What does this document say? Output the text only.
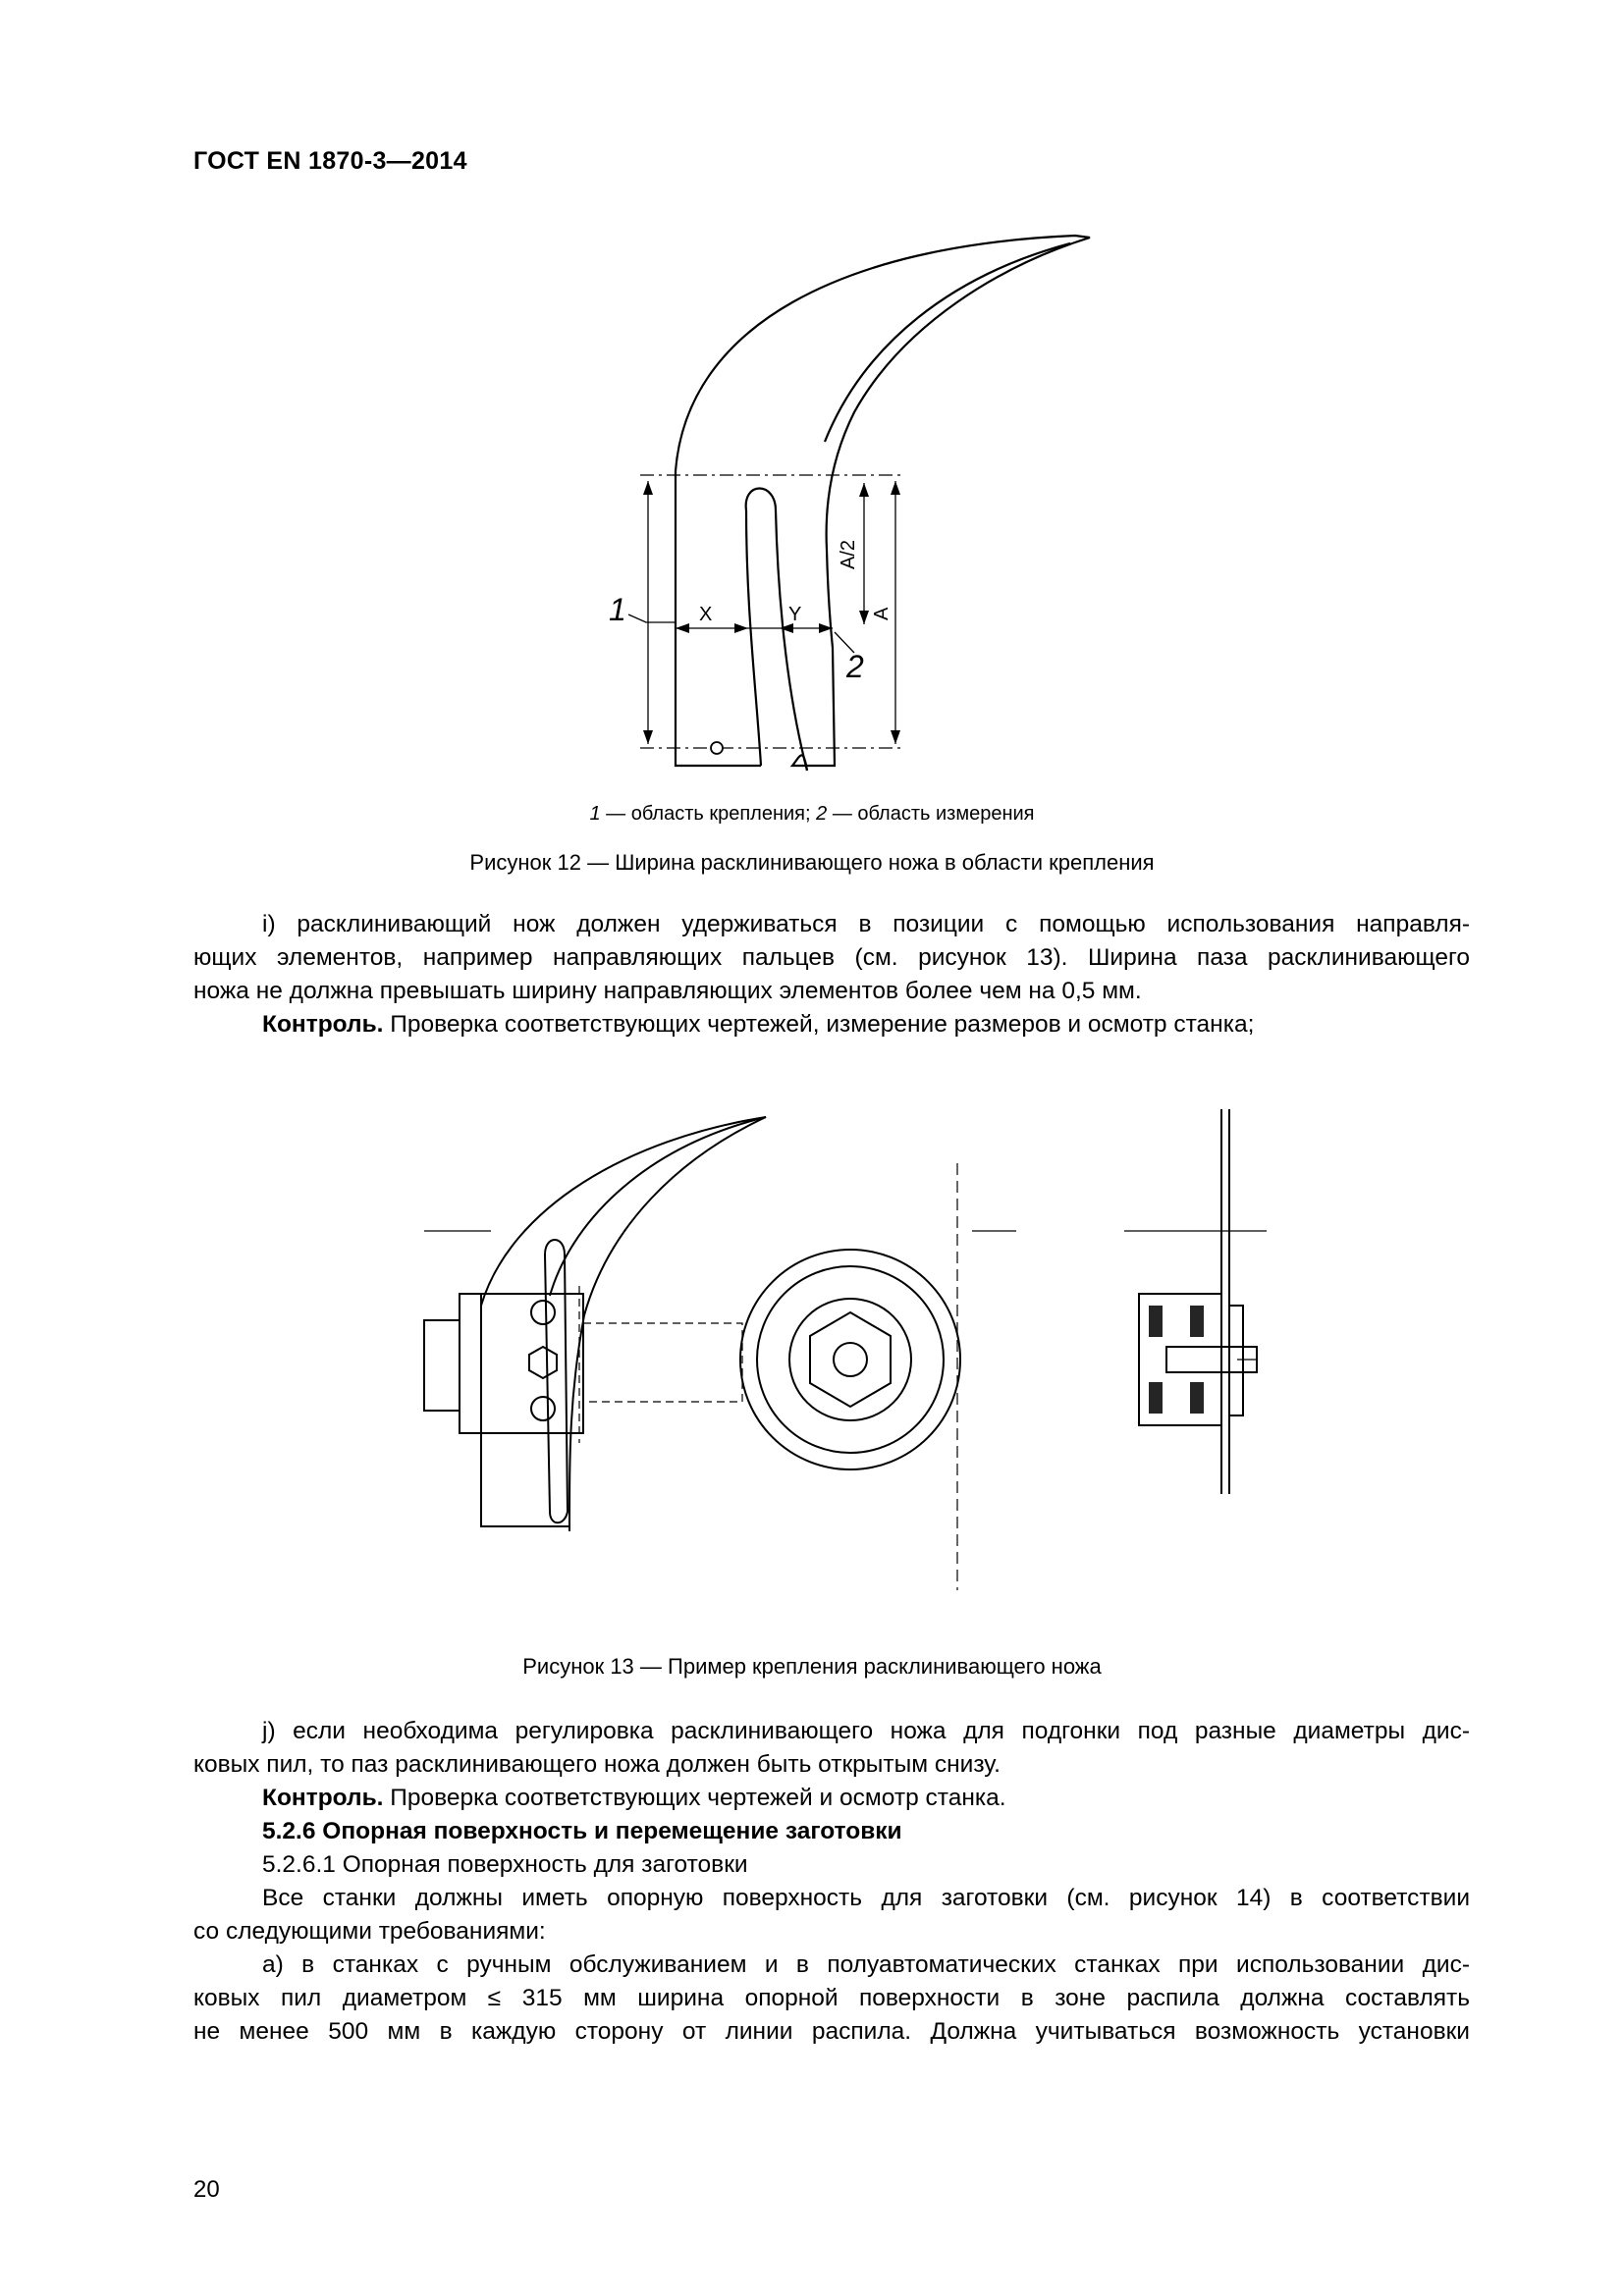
ГОСТ EN 1870-3—2014
1
2
X	Y
A/2
A
1 — область крепления; 2 — область измерения
Рисунок 12 — Ширина расклинивающего ножа в области крепления

i) расклинивающий нож должен удерживаться в позиции с помощью использования направля-

ющих элементов, например направляющих пальцев (см. рисунок 13). Ширина паза расклинивающего

ножа не должна превышать ширину направляющих элементов более чем на 0,5 мм.

Контроль. Проверка соответствующих чертежей, измерение размеров и осмотр станка;

Рисунок 13 — Пример крепления расклинивающего ножа

j) если необходима регулировка расклинивающего ножа для подгонки под разные диаметры дис-

ковых пил, то паз расклинивающего ножа должен быть открытым снизу.

Контроль. Проверка соответствующих чертежей и осмотр станка.

5.2.6 Опорная поверхность и перемещение заготовки

5.2.6.1 Опорная поверхность для заготовки

Все станки должны иметь опорную поверхность для заготовки (см. рисунок 14) в соответствии

со следующими требованиями:

a) в станках с ручным обслуживанием и в полуавтоматических станках при использовании дис-

ковых пил диаметром ≤ 315 мм ширина опорной поверхности в зоне распила должна составлять

не менее 500 мм в каждую сторону от линии распила. Должна учитываться возможность установки

20
